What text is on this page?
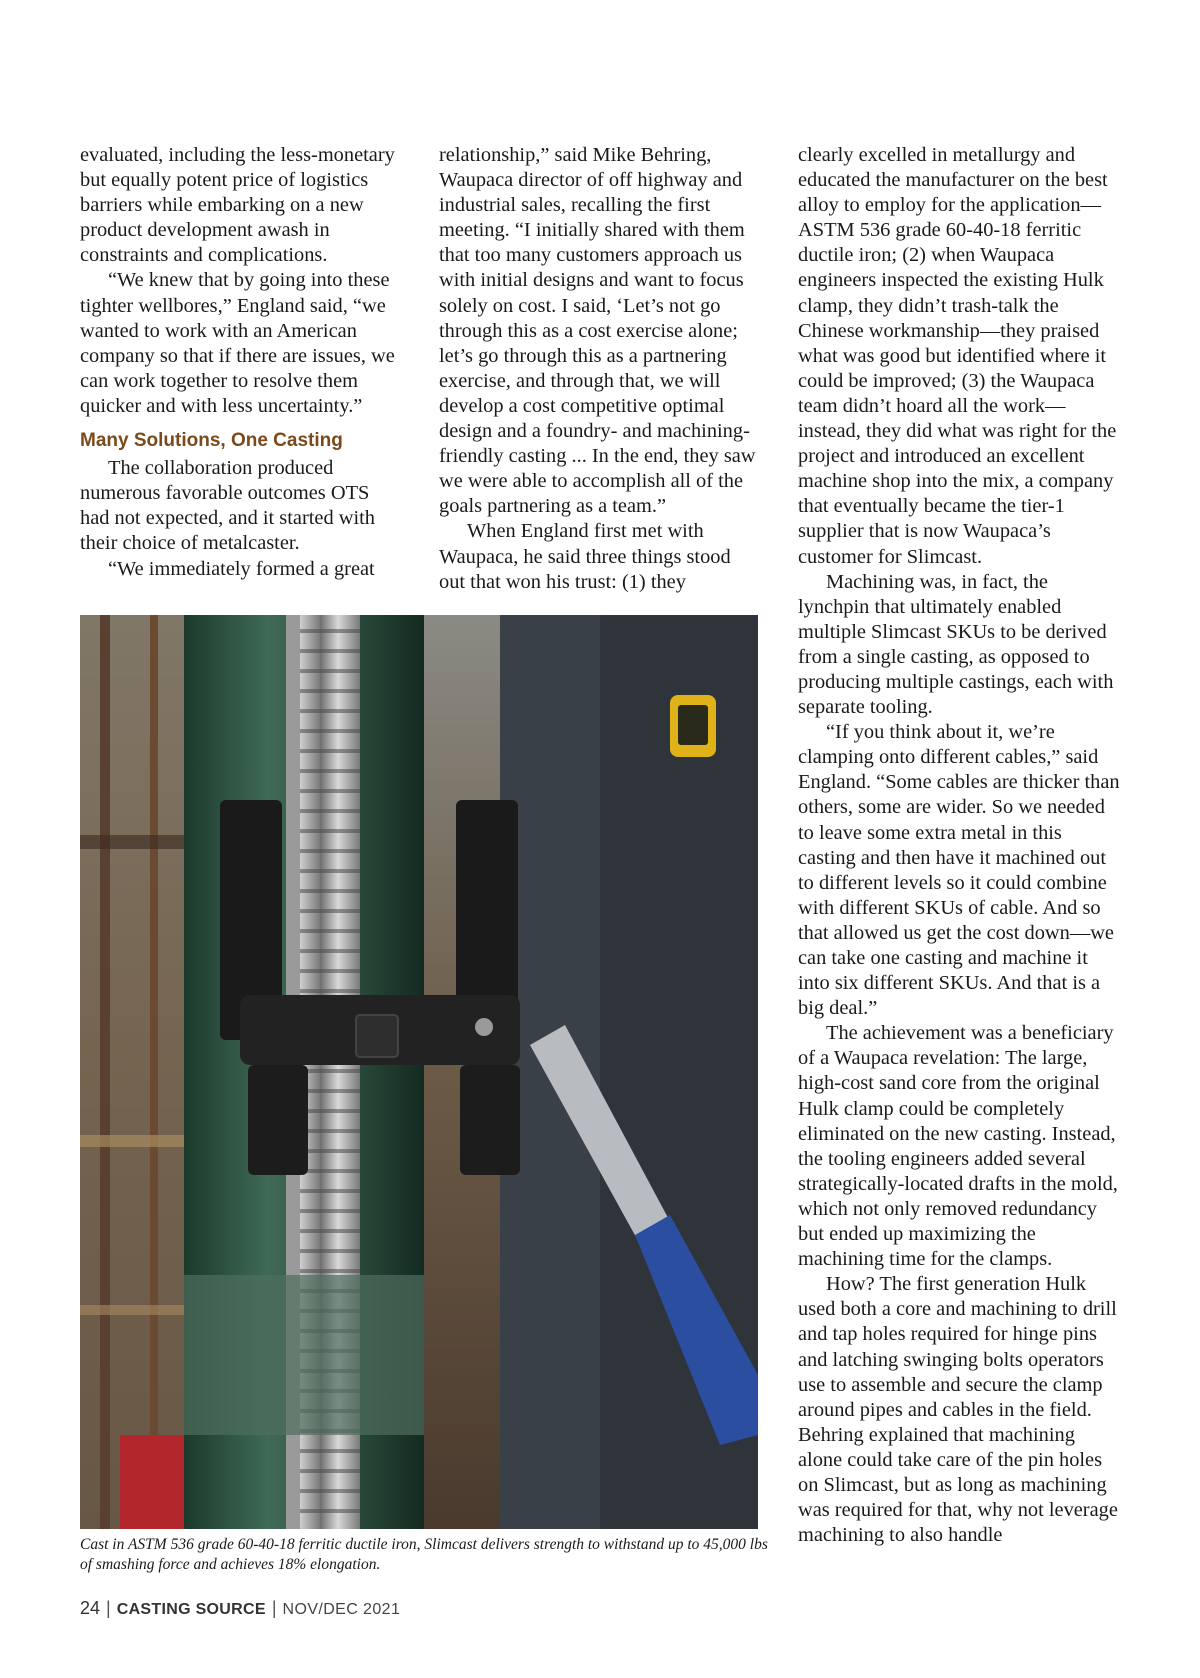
evaluated, including the less-monetary but equally potent price of logistics barriers while embarking on a new product development awash in constraints and complications.

“We knew that by going into these tighter wellbores,” England said, “we wanted to work with an American company so that if there are issues, we can work together to resolve them quicker and with less uncertainty.”

Many Solutions, One Casting

The collaboration produced numerous favorable outcomes OTS had not expected, and it started with their choice of metalcaster.

“We immediately formed a great

relationship,” said Mike Behring, Waupaca director of off highway and industrial sales, recalling the first meeting. “I initially shared with them that too many customers approach us with initial designs and want to focus solely on cost. I said, ‘Let’s not go through this as a cost exercise alone; let’s go through this as a partnering exercise, and through that, we will develop a cost competitive optimal design and a foundry- and machining-friendly casting ... In the end, they saw we were able to accomplish all of the goals partnering as a team.”

When England first met with Waupaca, he said three things stood out that won his trust: (1) they

clearly excelled in metallurgy and educated the manufacturer on the best alloy to employ for the application—ASTM 536 grade 60-40-18 ferritic ductile iron; (2) when Waupaca engineers inspected the existing Hulk clamp, they didn’t trash-talk the Chinese workmanship—they praised what was good but identified where it could be improved; (3) the Waupaca team didn’t hoard all the work—instead, they did what was right for the project and introduced an excellent machine shop into the mix, a company that eventually became the tier-1 supplier that is now Waupaca’s customer for Slimcast.

Machining was, in fact, the lynchpin that ultimately enabled multiple Slimcast SKUs to be derived from a single casting, as opposed to producing multiple castings, each with separate tooling.

“If you think about it, we’re clamping onto different cables,” said England. “Some cables are thicker than others, some are wider. So we needed to leave some extra metal in this casting and then have it machined out to different levels so it could combine with different SKUs of cable. And so that allowed us get the cost down—we can take one casting and machine it into six different SKUs. And that is a big deal.”

The achievement was a beneficiary of a Waupaca revelation: The large, high-cost sand core from the original Hulk clamp could be completely eliminated on the new casting. Instead, the tooling engineers added several strategically-located drafts in the mold, which not only removed redundancy but ended up maximizing the machining time for the clamps.

How? The first generation Hulk used both a core and machining to drill and tap holes required for hinge pins and latching swinging bolts operators use to assemble and secure the clamp around pipes and cables in the field. Behring explained that machining alone could take care of the pin holes on Slimcast, but as long as machining was required for that, why not leverage machining to also handle

Cast in ASTM 536 grade 60-40-18 ferritic ductile iron, Slimcast delivers strength to withstand up to 45,000 lbs of smashing force and achieves 18% elongation.
24 | CASTING SOURCE | NOV/DEC 2021
